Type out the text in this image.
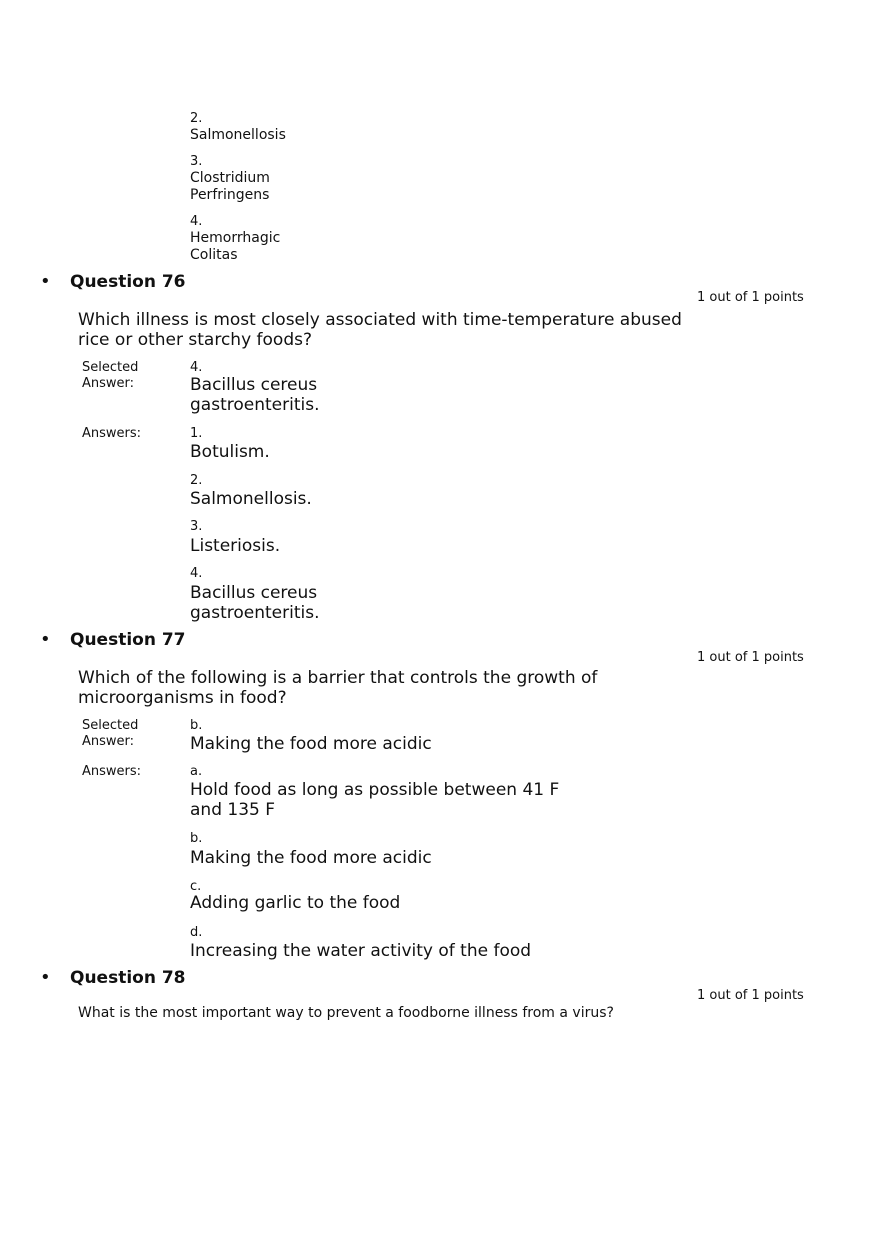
2.
Salmonellosis
3.
Clostridium Perfringens
4.
Hemorrhagic Colitas
• Question 76
1 out of 1 points
Which illness is most closely associated with time-temperature abused rice or other starchy foods?
Selected Answer:
4.
Bacillus cereus gastroenteritis.
Answers:	1.
Botulism.
2.
Salmonellosis.
3.
Listeriosis.
4.
Bacillus cereus gastroenteritis.
• Question 77
1 out of 1 points
Which of the following is a barrier that controls the growth of microorganisms in food?
Selected Answer:
b.
Making the food more acidic
Answers:	a.
Hold food as long as possible between 41 F and 135 F
b.
Making the food more acidic
c.
Adding garlic to the food
d.
Increasing the water activity of the food
• Question 78
1 out of 1 points
What is the most important way to prevent a foodborne illness from a virus?
